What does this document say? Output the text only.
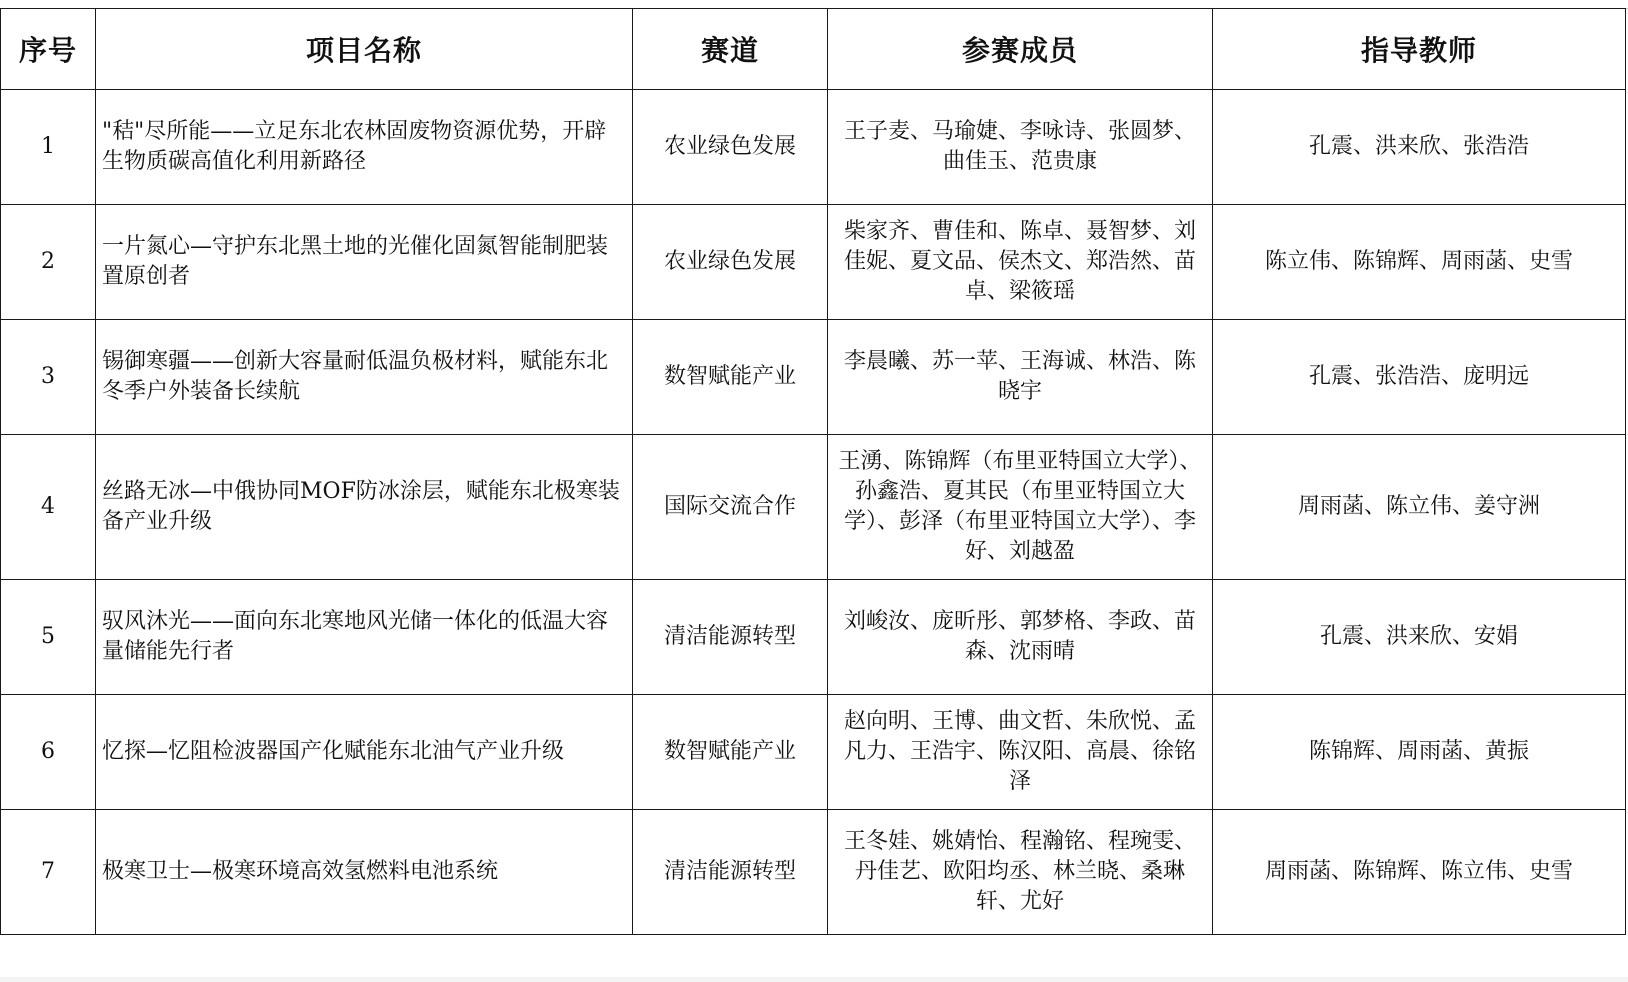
序号	项目名称	赛道	参赛成员	指导教师
1	"秸"尽所能——立足东北农林固废物资源优势，开辟生物质碳高值化利用新路径	农业绿色发展	王子麦、马瑜婕、李咏诗、张圆梦、曲佳玉、范贵康	孔震、洪来欣、张浩浩
2	一片氮心—守护东北黑土地的光催化固氮智能制肥装置原创者	农业绿色发展	柴家齐、曹佳和、陈卓、聂智梦、刘佳妮、夏文品、侯杰文、郑浩然、苗卓、梁筱瑶	陈立伟、陈锦辉、周雨菡、史雪
3	锡御寒疆——创新大容量耐低温负极材料，赋能东北冬季户外装备长续航	数智赋能产业	李晨曦、苏一苹、王海诚、林浩、陈晓宇	孔震、张浩浩、庞明远
4	丝路无冰—中俄协同MOF防冰涂层，赋能东北极寒装备产业升级	国际交流合作	王湧、陈锦辉（布里亚特国立大学）、孙鑫浩、夏其民（布里亚特国立大学）、彭泽（布里亚特国立大学）、李好、刘越盈	周雨菡、陈立伟、姜守洲
5	驭风沐光——面向东北寒地风光储一体化的低温大容量储能先行者	清洁能源转型	刘峻汝、庞昕彤、郭梦格、李政、苗森、沈雨晴	孔震、洪来欣、安娟
6	忆探—忆阻检波器国产化赋能东北油气产业升级	数智赋能产业	赵向明、王博、曲文哲、朱欣悦、孟凡力、王浩宇、陈汉阳、高晨、徐铭泽	陈锦辉、周雨菡、黄振
7	极寒卫士—极寒环境高效氢燃料电池系统	清洁能源转型	王冬娃、姚婧怡、程瀚铭、程琬雯、丹佳艺、欧阳均丞、林兰晓、桑琳轩、尤好	周雨菡、陈锦辉、陈立伟、史雪
